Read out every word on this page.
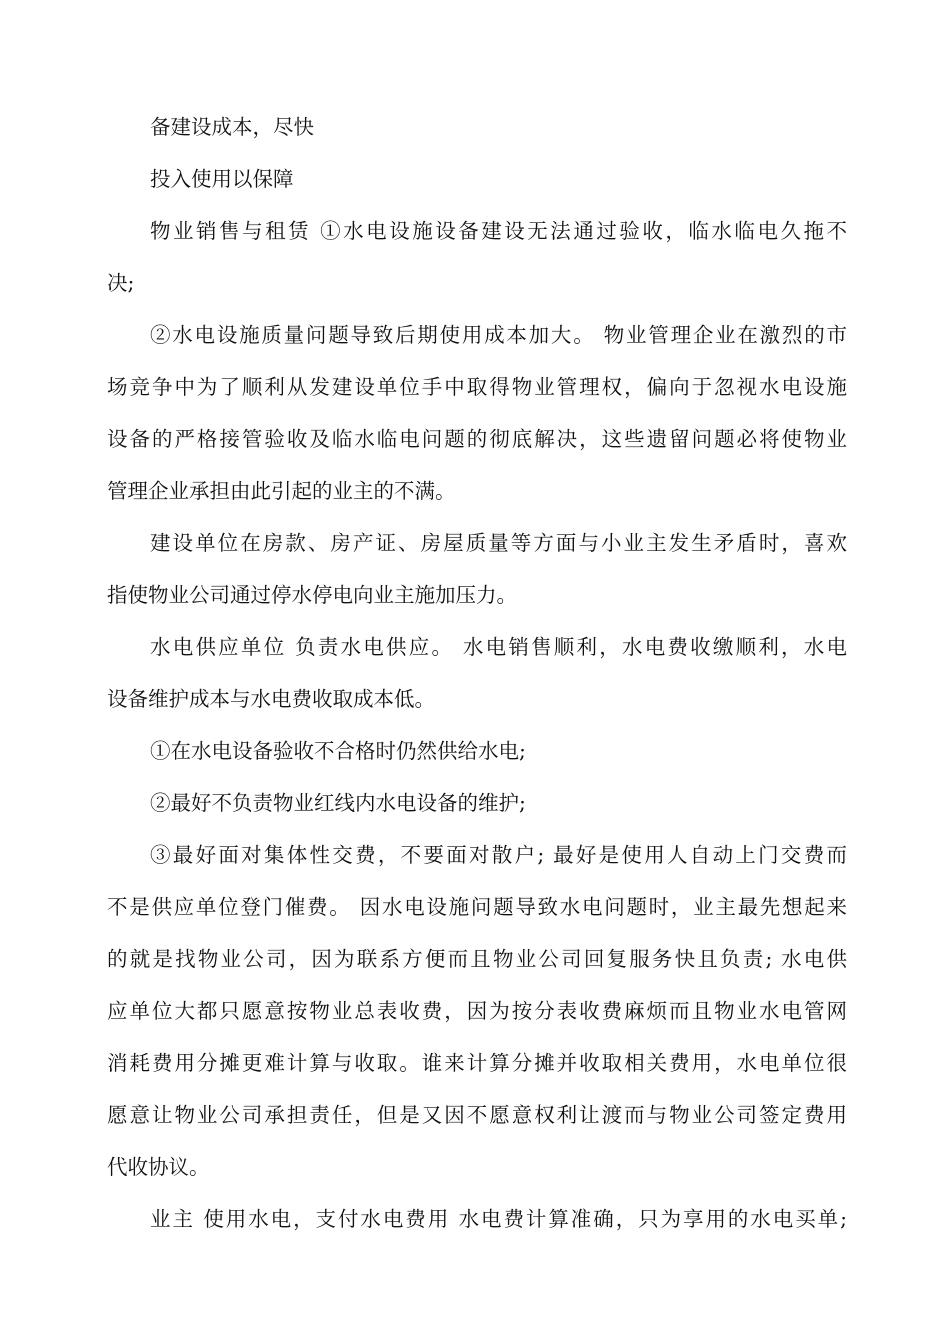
备建设成本，尽快
投入使用以保障
物业销售与租赁 ①水电设施设备建设无法通过验收，临水临电久拖不
决;
②水电设施质量问题导致后期使用成本加大。 物业管理企业在激烈的市
场竞争中为了顺利从发建设单位手中取得物业管理权，偏向于忽视水电设施
设备的严格接管验收及临水临电问题的彻底解决，这些遗留问题必将使物业
管理企业承担由此引起的业主的不满。
建设单位在房款、房产证、房屋质量等方面与小业主发生矛盾时，喜欢
指使物业公司通过停水停电向业主施加压力。
水电供应单位 负责水电供应。 水电销售顺利，水电费收缴顺利，水电
设备维护成本与水电费收取成本低。
①在水电设备验收不合格时仍然供给水电;
②最好不负责物业红线内水电设备的维护;
③最好面对集体性交费，不要面对散户; 最好是使用人自动上门交费而
不是供应单位登门催费。 因水电设施问题导致水电问题时，业主最先想起来
的就是找物业公司，因为联系方便而且物业公司回复服务快且负责; 水电供
应单位大都只愿意按物业总表收费，因为按分表收费麻烦而且物业水电管网
消耗费用分摊更难计算与收取。谁来计算分摊并收取相关费用，水电单位很
愿意让物业公司承担责任，但是又因不愿意权利让渡而与物业公司签定费用
代收协议。
业主 使用水电，支付水电费用 水电费计算准确，只为享用的水电买单;
